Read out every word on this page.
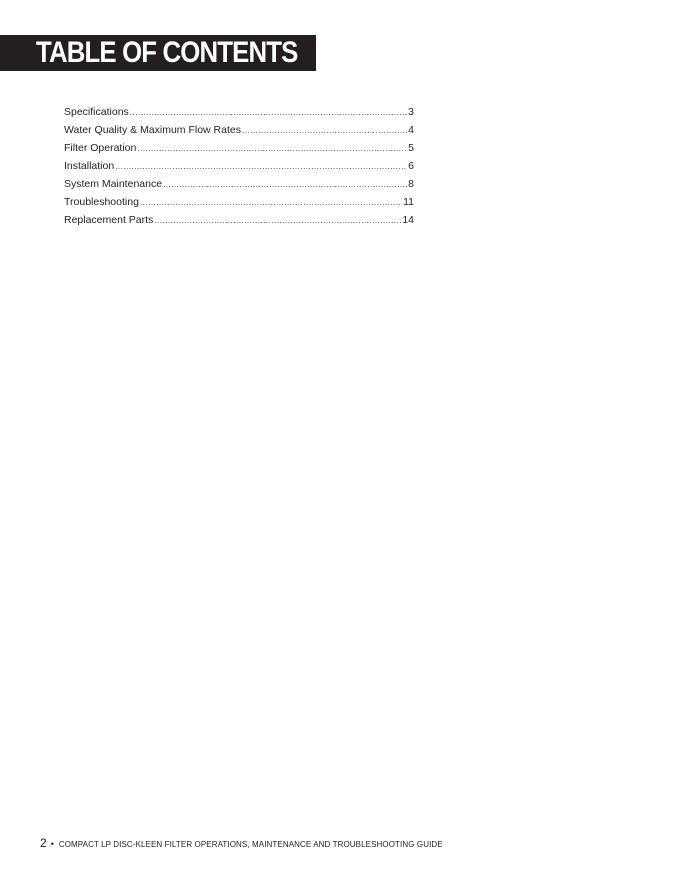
TABLE OF CONTENTS
Specifications .....	3
Water Quality & Maximum Flow Rates .....	4
Filter Operation .....	5
Installation .....	6
System Maintenance .....	8
Troubleshooting .....	11
Replacement Parts .....	14
2 • COMPACT LP DISC-KLEEN FILTER OPERATIONS, MAINTENANCE AND TROUBLESHOOTING GUIDE
